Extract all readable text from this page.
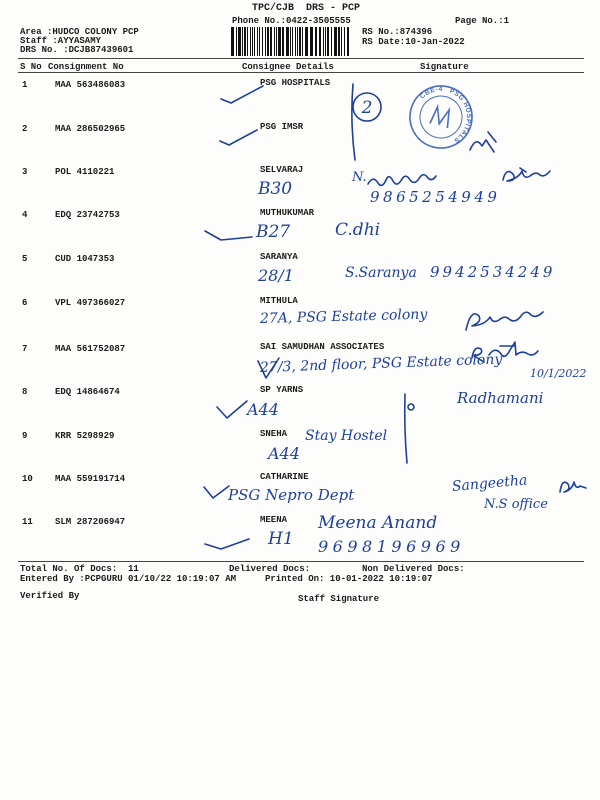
TPC/CJB  DRS - PCP
Phone No.:0422-3505555	Page No.:1
Area :HUDCO COLONY PCP
Staff :AYYASAMY
DRS No. :DCJB87439601
RS No.:874396
RS Date:10-Jan-2022
S No Consignment No	Consignee Details	Signature
1	MAA 563486083	PSG HOSPITALS
2	MAA 286502965	PSG IMSR
3	POL 4110221	SELVARAJ
4	EDQ 23742753	MUTHUKUMAR
5	CUD 1047353	SARANYA
6	VPL 497366027	MITHULA
7	MAA 561752087	SAI SAMUDHAN ASSOCIATES
8	EDQ 14864674	SP YARNS
9	KRR 5298929	SNEHA
10 MAA 559191714	CATHARINE
11 SLM 287206947	MEENA
Total No. Of Docs:  11	Delivered Docs:	Non Delivered Docs:
Entered By :PCPGURU 01/10/22 10:19:07 AM	Printed On: 10-01-2022 10:19:07
Verified By	Staff Signature
2
CBE-4 PSG HOSPITALS
N.
B30	9865254949
B27	C.dhi
28/1	S.Saranya 9942534249
27A, PSG Estate colony
27/3, 2nd floor, PSG Estate colony 10/1/2022
A44
Radhamani
Stay Hostel
A44
PSG Nepro Dept
Sangeetha
N.S office
Meena Anand
H1 9698196969
